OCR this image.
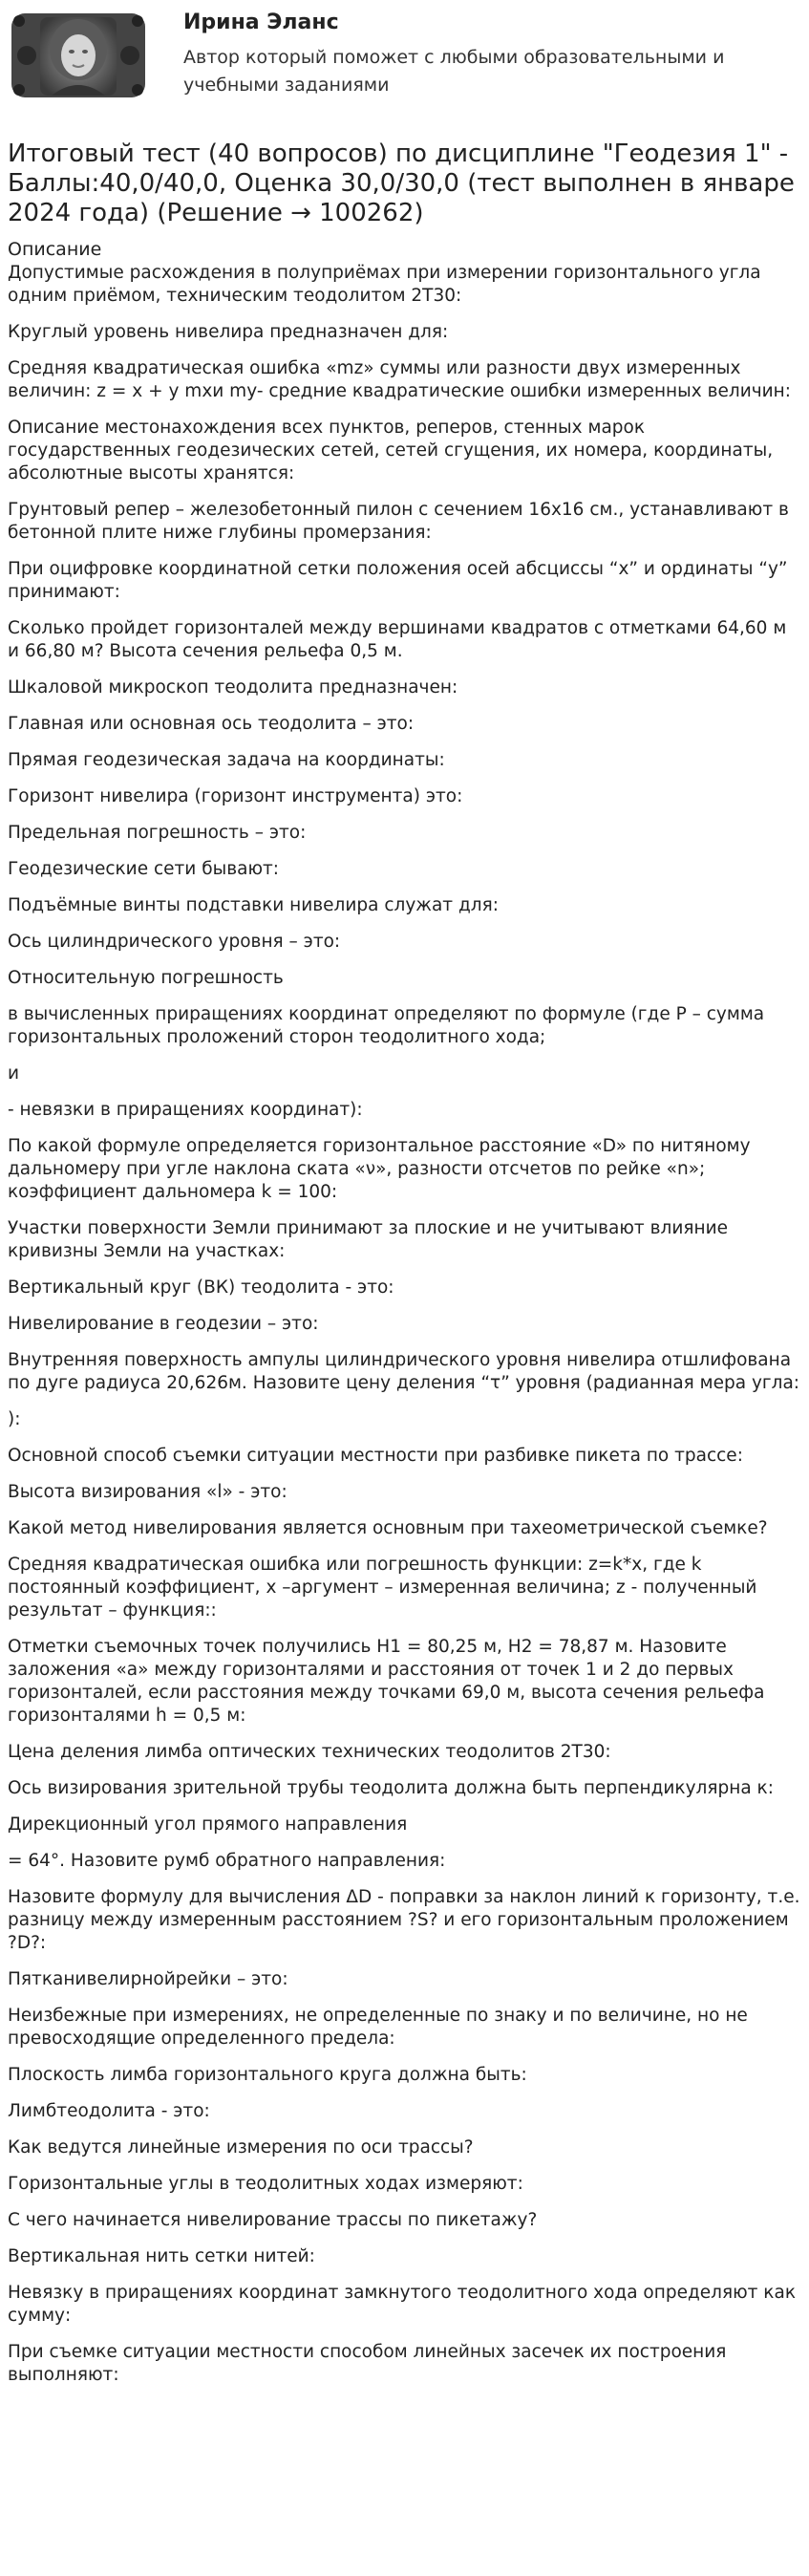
Ирина Эланс
Автор который поможет с любыми образовательными и учебными заданиями
Итоговый тест (40 вопросов) по дисциплине "Геодезия 1" - Баллы:40,0/40,0, Оценка 30,0/30,0 (тест выполнен в январе 2024 года) (Решение → 100262)
Описание

Допустимые расхождения в полуприёмах при измерении горизонтального угла одним приёмом, техническим теодолитом 2Т30:

Круглый уровень нивелира предназначен для:

Средняя квадратическая ошибка «mz» суммы или разности двух измеренных величин: z = x + y mxи my- средние квадратические ошибки измеренных величин:

Описание местонахождения всех пунктов, реперов, стенных марок государственных геодезических сетей, сетей сгущения, их номера, координаты, абсолютные высоты хранятся:

Грунтовый репер – железобетонный пилон с сечением 16х16 см., устанавливают в бетонной плите ниже глубины промерзания:

При оцифровке координатной сетки положения осей абсциссы “х” и ординаты “у” принимают:

Сколько пройдет горизонталей между вершинами квадратов с отметками 64,60 м и 66,80 м? Высота сечения рельефа 0,5 м.

Шкаловой микроскоп теодолита предназначен:

Главная или основная ось теодолита – это:

Прямая геодезическая задача на координаты:

Горизонт нивелира (горизонт инструмента) это:

Предельная погрешность – это:

Геодезические сети бывают:

Подъёмные винты подставки нивелира служат для:

Ось цилиндрического уровня – это:

Относительную погрешность

в вычисленных приращениях координат определяют по формуле (где Р – сумма горизонтальных проложений сторон теодолитного хода;

и

- невязки в приращениях координат):

По какой формуле определяется горизонтальное расстояние «D» по нитяному дальномеру при угле наклона ската «ν», разности отсчетов по рейке «n»; коэффициент дальномера k = 100:

Участки поверхности Земли принимают за плоские и не учитывают влияние кривизны Земли на участках:

Вертикальный круг (ВК) теодолита - это:

Нивелирование в геодезии – это:

Внутренняя поверхность ампулы цилиндрического уровня нивелира отшлифована по дуге радиуса 20,626м. Назовите цену деления “τ” уровня (радианная мера угла:

):

Основной способ съемки ситуации местности при разбивке пикета по трассе:

Высота визирования «l» - это:

Какой метод нивелирования является основным при тахеометрической съемке?

Средняя квадратическая ошибка или погрешность функции: z=k*x, где k постоянный коэффициент, x –аргумент – измеренная величина; z - полученный результат – функция::

Отметки съемочных точек получились H1 = 80,25 м, H2 = 78,87 м. Назовите заложения «а» между горизонталями и расстояния от точек 1 и 2 до первых горизонталей, если расстояния между точками 69,0 м, высота сечения рельефа горизонталями h = 0,5 м:

Цена деления лимба оптических технических теодолитов 2Т30:

Ось визирования зрительной трубы теодолита должна быть перпендикулярна к:

Дирекционный угол прямого направления

= 64°. Назовите румб обратного направления:

Назовите формулу для вычисления ΔD - поправки за наклон линий к горизонту, т.е. разницу между измеренным расстоянием ?S? и его горизонтальным проложением ?D?:

Пятканивелирнойрейки – это:

Неизбежные при измерениях, не определенные по знаку и по величине, но не превосходящие определенного предела:

Плоскость лимба горизонтального круга должна быть:

Лимбтеодолита - это:

Как ведутся линейные измерения по оси трассы?

Горизонтальные углы в теодолитных ходах измеряют:

С чего начинается нивелирование трассы по пикетажу?

Вертикальная нить сетки нитей:

Невязку в приращениях координат замкнутого теодолитного хода определяют как сумму:

При съемке ситуации местности способом линейных засечек их построения выполняют:
